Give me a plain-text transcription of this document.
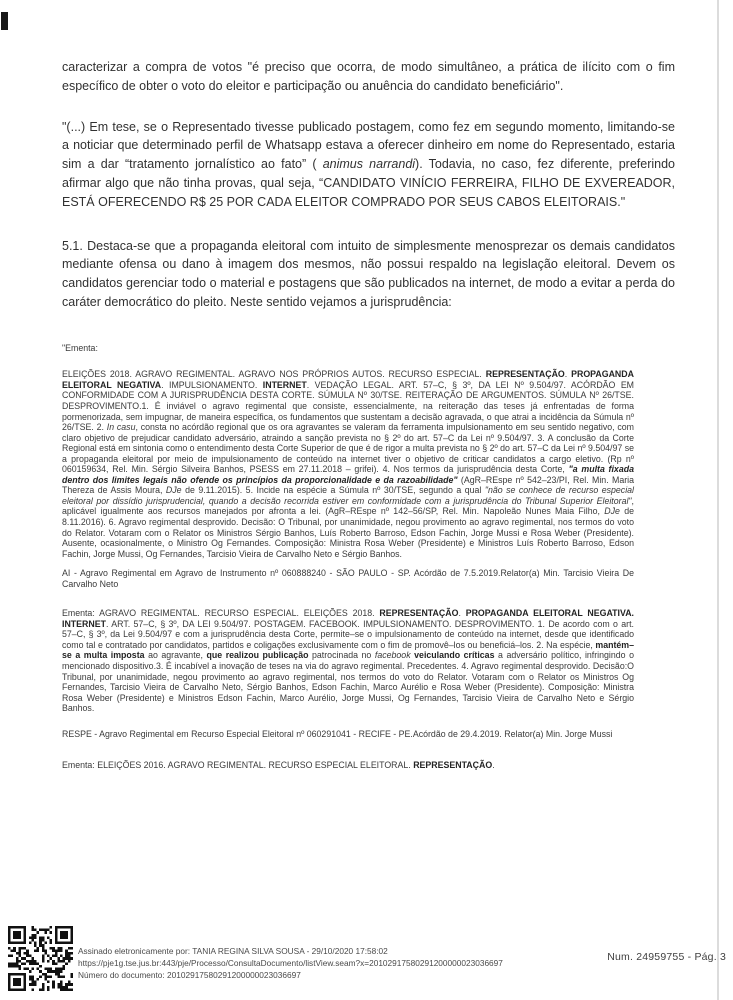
caracterizar a compra de votos "é preciso que ocorra, de modo simultâneo, a prática de ilícito com o fim específico de obter o voto do eleitor e participação ou anuência do candidato beneficiário".

"(...) Em tese, se o Representado tivesse publicado postagem, como fez em segundo momento, limitando-se a noticiar que determinado perfil de Whatsapp estava a oferecer dinheiro em nome do Representado, estaria sim a dar “tratamento jornalístico ao fato” ( animus narrandi). Todavia, no caso, fez diferente, preferindo afirmar algo que não tinha provas, qual seja, “CANDIDATO VINÍCIO FERREIRA, FILHO DE EXVEREADOR, ESTÁ OFERECENDO R$ 25 POR CADA ELEITOR COMPRADO POR SEUS CABOS ELEITORAIS."

5.1. Destaca-se que a propaganda eleitoral com intuito de simplesmente menosprezar os demais candidatos mediante ofensa ou dano à imagem dos mesmos, não possui respaldo na legislação eleitoral. Devem os candidatos gerenciar todo o material e postagens que são publicados na internet, de modo a evitar a perda do caráter democrático do pleito. Neste sentido vejamos a jurisprudência:

"Ementa:

ELEIÇÕES 2018. AGRAVO REGIMENTAL. AGRAVO NOS PRÓPRIOS AUTOS. RECURSO ESPECIAL. REPRESENTAÇÃO. PROPAGANDA ELEITORAL NEGATIVA. IMPULSIONAMENTO. INTERNET. VEDAÇÃO LEGAL. ART. 57–C, § 3º, DA LEI Nº 9.504/97. ACÓRDÃO EM CONFORMIDADE COM A JURISPRUDÊNCIA DESTA CORTE. SÚMULA Nº 30/TSE. REITERAÇÃO DE ARGUMENTOS. SÚMULA Nº 26/TSE. DESPROVIMENTO.1. É inviável o agravo regimental que consiste, essencialmente, na reiteração das teses já enfrentadas de forma pormenorizada, sem impugnar, de maneira específica, os fundamentos que sustentam a decisão agravada, o que atrai a incidência da Súmula nº 26/TSE. 2. In casu, consta no acórdão regional que os ora agravantes se valeram da ferramenta impulsionamento em seu sentido negativo, com claro objetivo de prejudicar candidato adversário, atraindo a sanção prevista no § 2º do art. 57–C da Lei nº 9.504/97. 3. A conclusão da Corte Regional está em sintonia como o entendimento desta Corte Superior de que é de rigor a multa prevista no § 2º do art. 57–C da Lei nº 9.504/97 se a propaganda eleitoral por meio de impulsionamento de conteúdo na internet tiver o objetivo de criticar candidatos a cargo eletivo. (Rp nº 060159634, Rel. Min. Sérgio Silveira Banhos, PSESS em 27.11.2018 – grifei). 4. Nos termos da jurisprudência desta Corte, "a multa fixada dentro dos limites legais não ofende os princípios da proporcionalidade e da razoabilidade" (AgR–REspe nº 542–23/PI, Rel. Min. Maria Thereza de Assis Moura, DJe de 9.11.2015). 5. Incide na espécie a Súmula nº 30/TSE, segundo a qual "não se conhece de recurso especial eleitoral por dissídio jurisprudencial, quando a decisão recorrida estiver em conformidade com a jurisprudência do Tribunal Superior Eleitoral", aplicável igualmente aos recursos manejados por afronta a lei. (AgR–REspe nº 142–56/SP, Rel. Min. Napoleão Nunes Maia Filho, DJe de 8.11.2016). 6. Agravo regimental desprovido. Decisão: O Tribunal, por unanimidade, negou provimento ao agravo regimental, nos termos do voto do Relator. Votaram com o Relator os Ministros Sérgio Banhos, Luís Roberto Barroso, Edson Fachin, Jorge Mussi e Rosa Weber (Presidente). Ausente, ocasionalmente, o Ministro Og Fernandes. Composição: Ministra Rosa Weber (Presidente) e Ministros Luís Roberto Barroso, Edson Fachin, Jorge Mussi, Og Fernandes, Tarcisio Vieira de Carvalho Neto e Sérgio Banhos.

AI - Agravo Regimental em Agravo de Instrumento nº 060888240 - SÃO PAULO - SP. Acórdão de 7.5.2019.Relator(a) Min. Tarcisio Vieira De Carvalho Neto

Ementa: AGRAVO REGIMENTAL. RECURSO ESPECIAL. ELEIÇÕES 2018. REPRESENTAÇÃO. PROPAGANDA ELEITORAL NEGATIVA. INTERNET. ART. 57–C, § 3º, DA LEI 9.504/97. POSTAGEM. FACEBOOK. IMPULSIONAMENTO. DESPROVIMENTO. 1. De acordo com o art. 57–C, § 3º, da Lei 9.504/97 e com a jurisprudência desta Corte, permite–se o impulsionamento de conteúdo na internet, desde que identificado como tal e contratado por candidatos, partidos e coligações exclusivamente com o fim de promovê–los ou beneficiá–los. 2. Na espécie, mantém–se a multa imposta ao agravante, que realizou publicação patrocinada no facebook veiculando críticas a adversário político, infringindo o mencionado dispositivo.3. É incabível a inovação de teses na via do agravo regimental. Precedentes. 4. Agravo regimental desprovido. Decisão:O Tribunal, por unanimidade, negou provimento ao agravo regimental, nos termos do voto do Relator. Votaram com o Relator os Ministros Og Fernandes, Tarcisio Vieira de Carvalho Neto, Sérgio Banhos, Edson Fachin, Marco Aurélio e Rosa Weber (Presidente). Composição: Ministra Rosa Weber (Presidente) e Ministros Edson Fachin, Marco Aurélio, Jorge Mussi, Og Fernandes, Tarcisio Vieira de Carvalho Neto e Sérgio Banhos.

RESPE - Agravo Regimental em Recurso Especial Eleitoral nº 060291041 - RECIFE - PE.Acórdão de 29.4.2019. Relator(a) Min. Jorge Mussi

Ementa: ELEIÇÕES 2016. AGRAVO REGIMENTAL. RECURSO ESPECIAL ELEITORAL. REPRESENTAÇÃO.

Assinado eletronicamente por: TANIA REGINA SILVA SOUSA - 29/10/2020 17:58:02
https://pje1g.tse.jus.br:443/pje/Processo/ConsultaDocumento/listView.seam?x=20102917580291200000023036697
Número do documento: 20102917580291200000023036697
Num. 24959755 - Pág. 3
